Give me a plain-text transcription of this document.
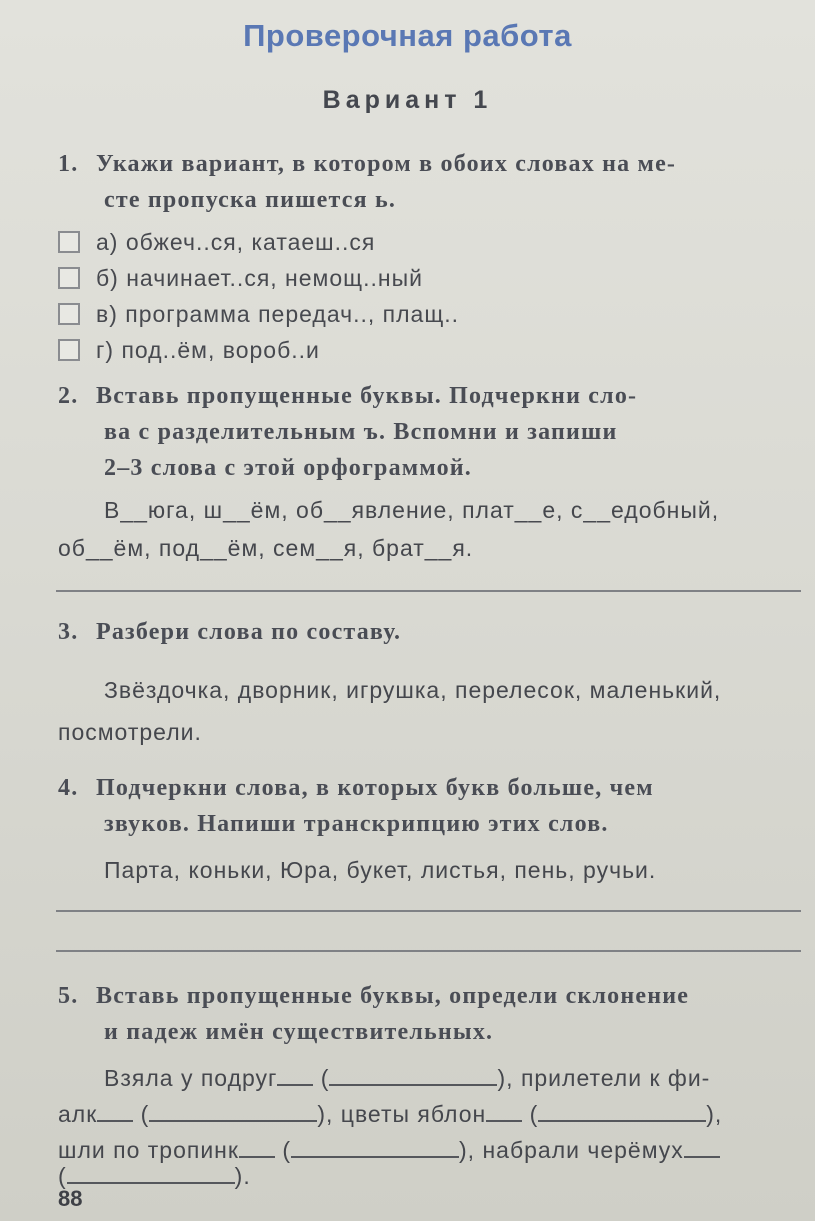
Проверочная работа
Вариант 1
1. Укажи вариант, в котором в обоих словах на ме-
сте пропуска пишется ь.
а) обжеч..ся, катаеш..ся
б) начинает..ся, немощ..ный
в) программа передач.., плащ..
г) под..ём, вороб..и
2. Вставь пропущенные буквы. Подчеркни сло-
ва с разделительным ъ. Вспомни и запиши
2–3 слова с этой орфограммой.
В__юга, ш__ём, об__явление, плат__е, с__едобный,
об__ём, под__ём, сем__я, брат__я.
3. Разбери слова по составу.
Звёздочка, дворник, игрушка, перелесок, маленький,
посмотрели.
4. Подчеркни слова, в которых букв больше, чем
звуков. Напиши транскрипцию этих слов.
Парта, коньки, Юра, букет, листья, пень, ручьи.
5. Вставь пропущенные буквы, определи склонение
и падеж имён существительных.
Взяла у подруг (	), прилетели к фи-
алк (	), цветы яблон (	),
шли по тропинк (	), набрали черёмух
(	).
88
